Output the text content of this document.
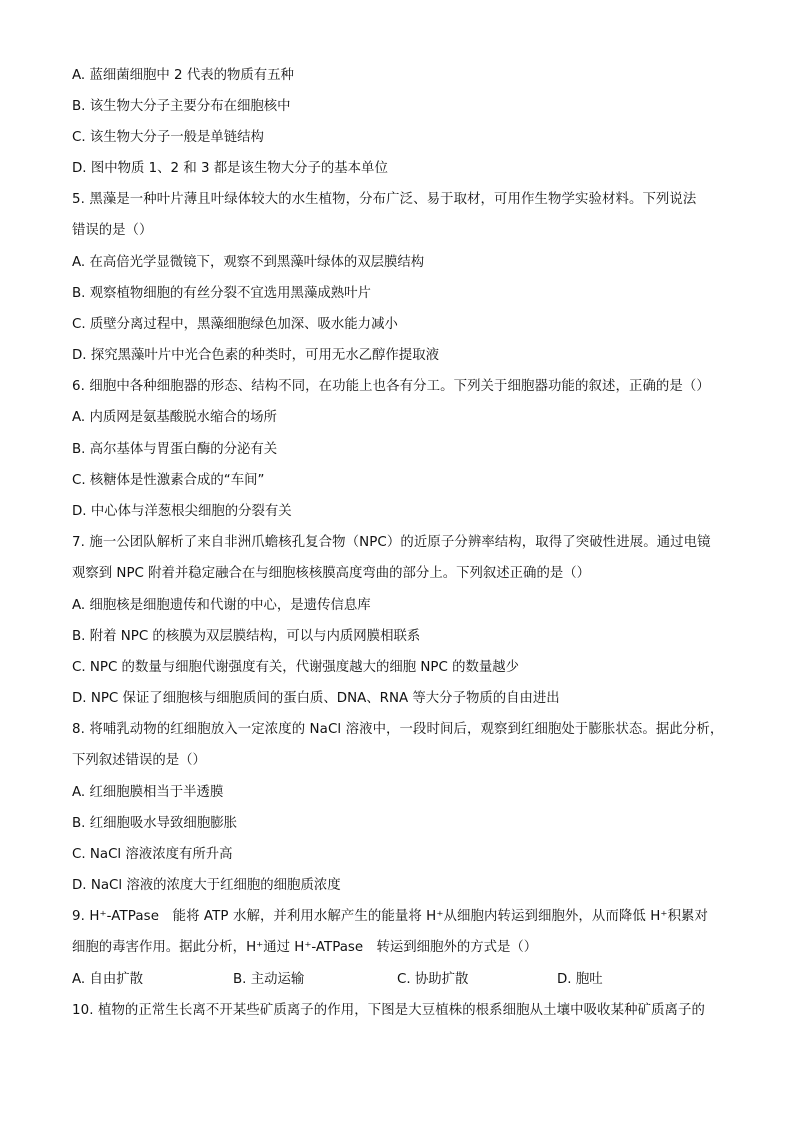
A. 蓝细菌细胞中 2 代表的物质有五种
B. 该生物大分子主要分布在细胞核中
C. 该生物大分子一般是单链结构
D. 图中物质 1、2 和 3 都是该生物大分子的基本单位
5. 黑藻是一种叶片薄且叶绿体较大的水生植物，分布广泛、易于取材，可用作生物学实验材料。下列说法
错误的是（）
A. 在高倍光学显微镜下，观察不到黑藻叶绿体的双层膜结构
B. 观察植物细胞的有丝分裂不宜选用黑藻成熟叶片
C. 质壁分离过程中，黑藻细胞绿色加深、吸水能力减小
D. 探究黑藻叶片中光合色素的种类时，可用无水乙醇作提取液
6. 细胞中各种细胞器的形态、结构不同，在功能上也各有分工。下列关于细胞器功能的叙述，正确的是（）
A. 内质网是氨基酸脱水缩合的场所
B. 高尔基体与胃蛋白酶的分泌有关
C. 核糖体是性激素合成的“车间”
D. 中心体与洋葱根尖细胞的分裂有关
7. 施一公团队解析了来自非洲爪蟾核孔复合物（NPC）的近原子分辨率结构，取得了突破性进展。通过电镜
观察到 NPC 附着并稳定融合在与细胞核核膜高度弯曲的部分上。下列叙述正确的是（）
A. 细胞核是细胞遗传和代谢的中心，是遗传信息库
B. 附着 NPC 的核膜为双层膜结构，可以与内质网膜相联系
C. NPC 的数量与细胞代谢强度有关，代谢强度越大的细胞 NPC 的数量越少
D. NPC 保证了细胞核与细胞质间的蛋白质、DNA、RNA 等大分子物质的自由进出
8. 将哺乳动物的红细胞放入一定浓度的 NaCl 溶液中，一段时间后，观察到红细胞处于膨胀状态。据此分析，
下列叙述错误的是（）
A. 红细胞膜相当于半透膜
B. 红细胞吸水导致细胞膨胀
C. NaCl 溶液浓度有所升高
D. NaCl 溶液的浓度大于红细胞的细胞质浓度
9. H⁺-ATPase　能将 ATP 水解，并利用水解产生的能量将 H⁺从细胞内转运到细胞外，从而降低 H⁺积累对
细胞的毒害作用。据此分析，H⁺通过 H⁺-ATPase　转运到细胞外的方式是（）
A. 自由扩散	B. 主动运输	C. 协助扩散	D. 胞吐
10. 植物的正常生长离不开某些矿质离子的作用，下图是大豆植株的根系细胞从土壤中吸收某种矿质离子的
